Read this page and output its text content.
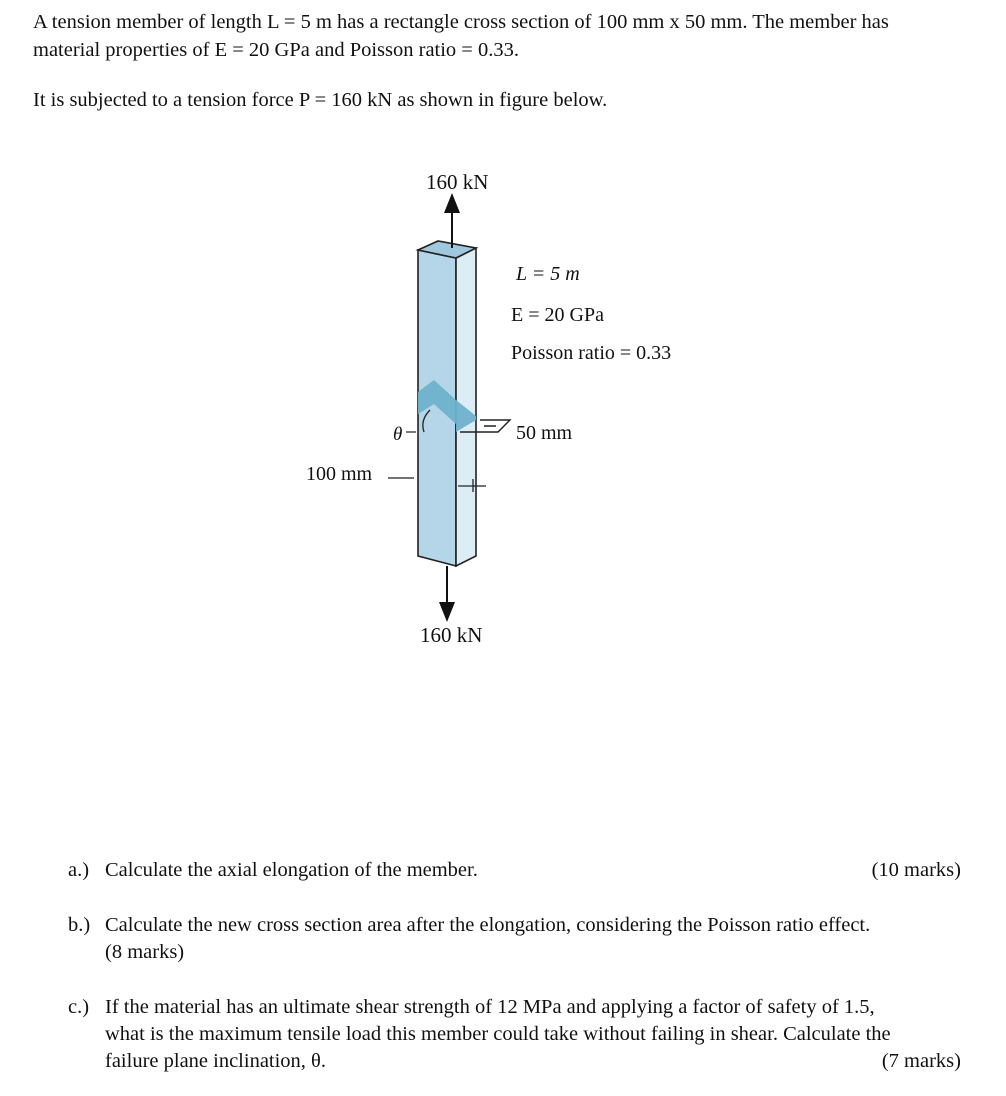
A tension member of length L = 5 m has a rectangle cross section of 100 mm x 50 mm. The member has
material properties of E = 20 GPa and Poisson ratio = 0.33.

It is subjected to a tension force P = 160 kN as shown in figure below.

160 kN
160 kN
L = 5 m
E = 20 GPa
Poisson ratio = 0.33
50 mm
100 mm
θ
a.) Calculate the axial elongation of the member.	(10 marks)
b.) Calculate the new cross section area after the elongation, considering the Poisson ratio effect.
(8 marks)
c.) If the material has an ultimate shear strength of 12 MPa and applying a factor of safety of 1.5,
what is the maximum tensile load this member could take without failing in shear. Calculate the
failure plane inclination, θ.	(7 marks)
